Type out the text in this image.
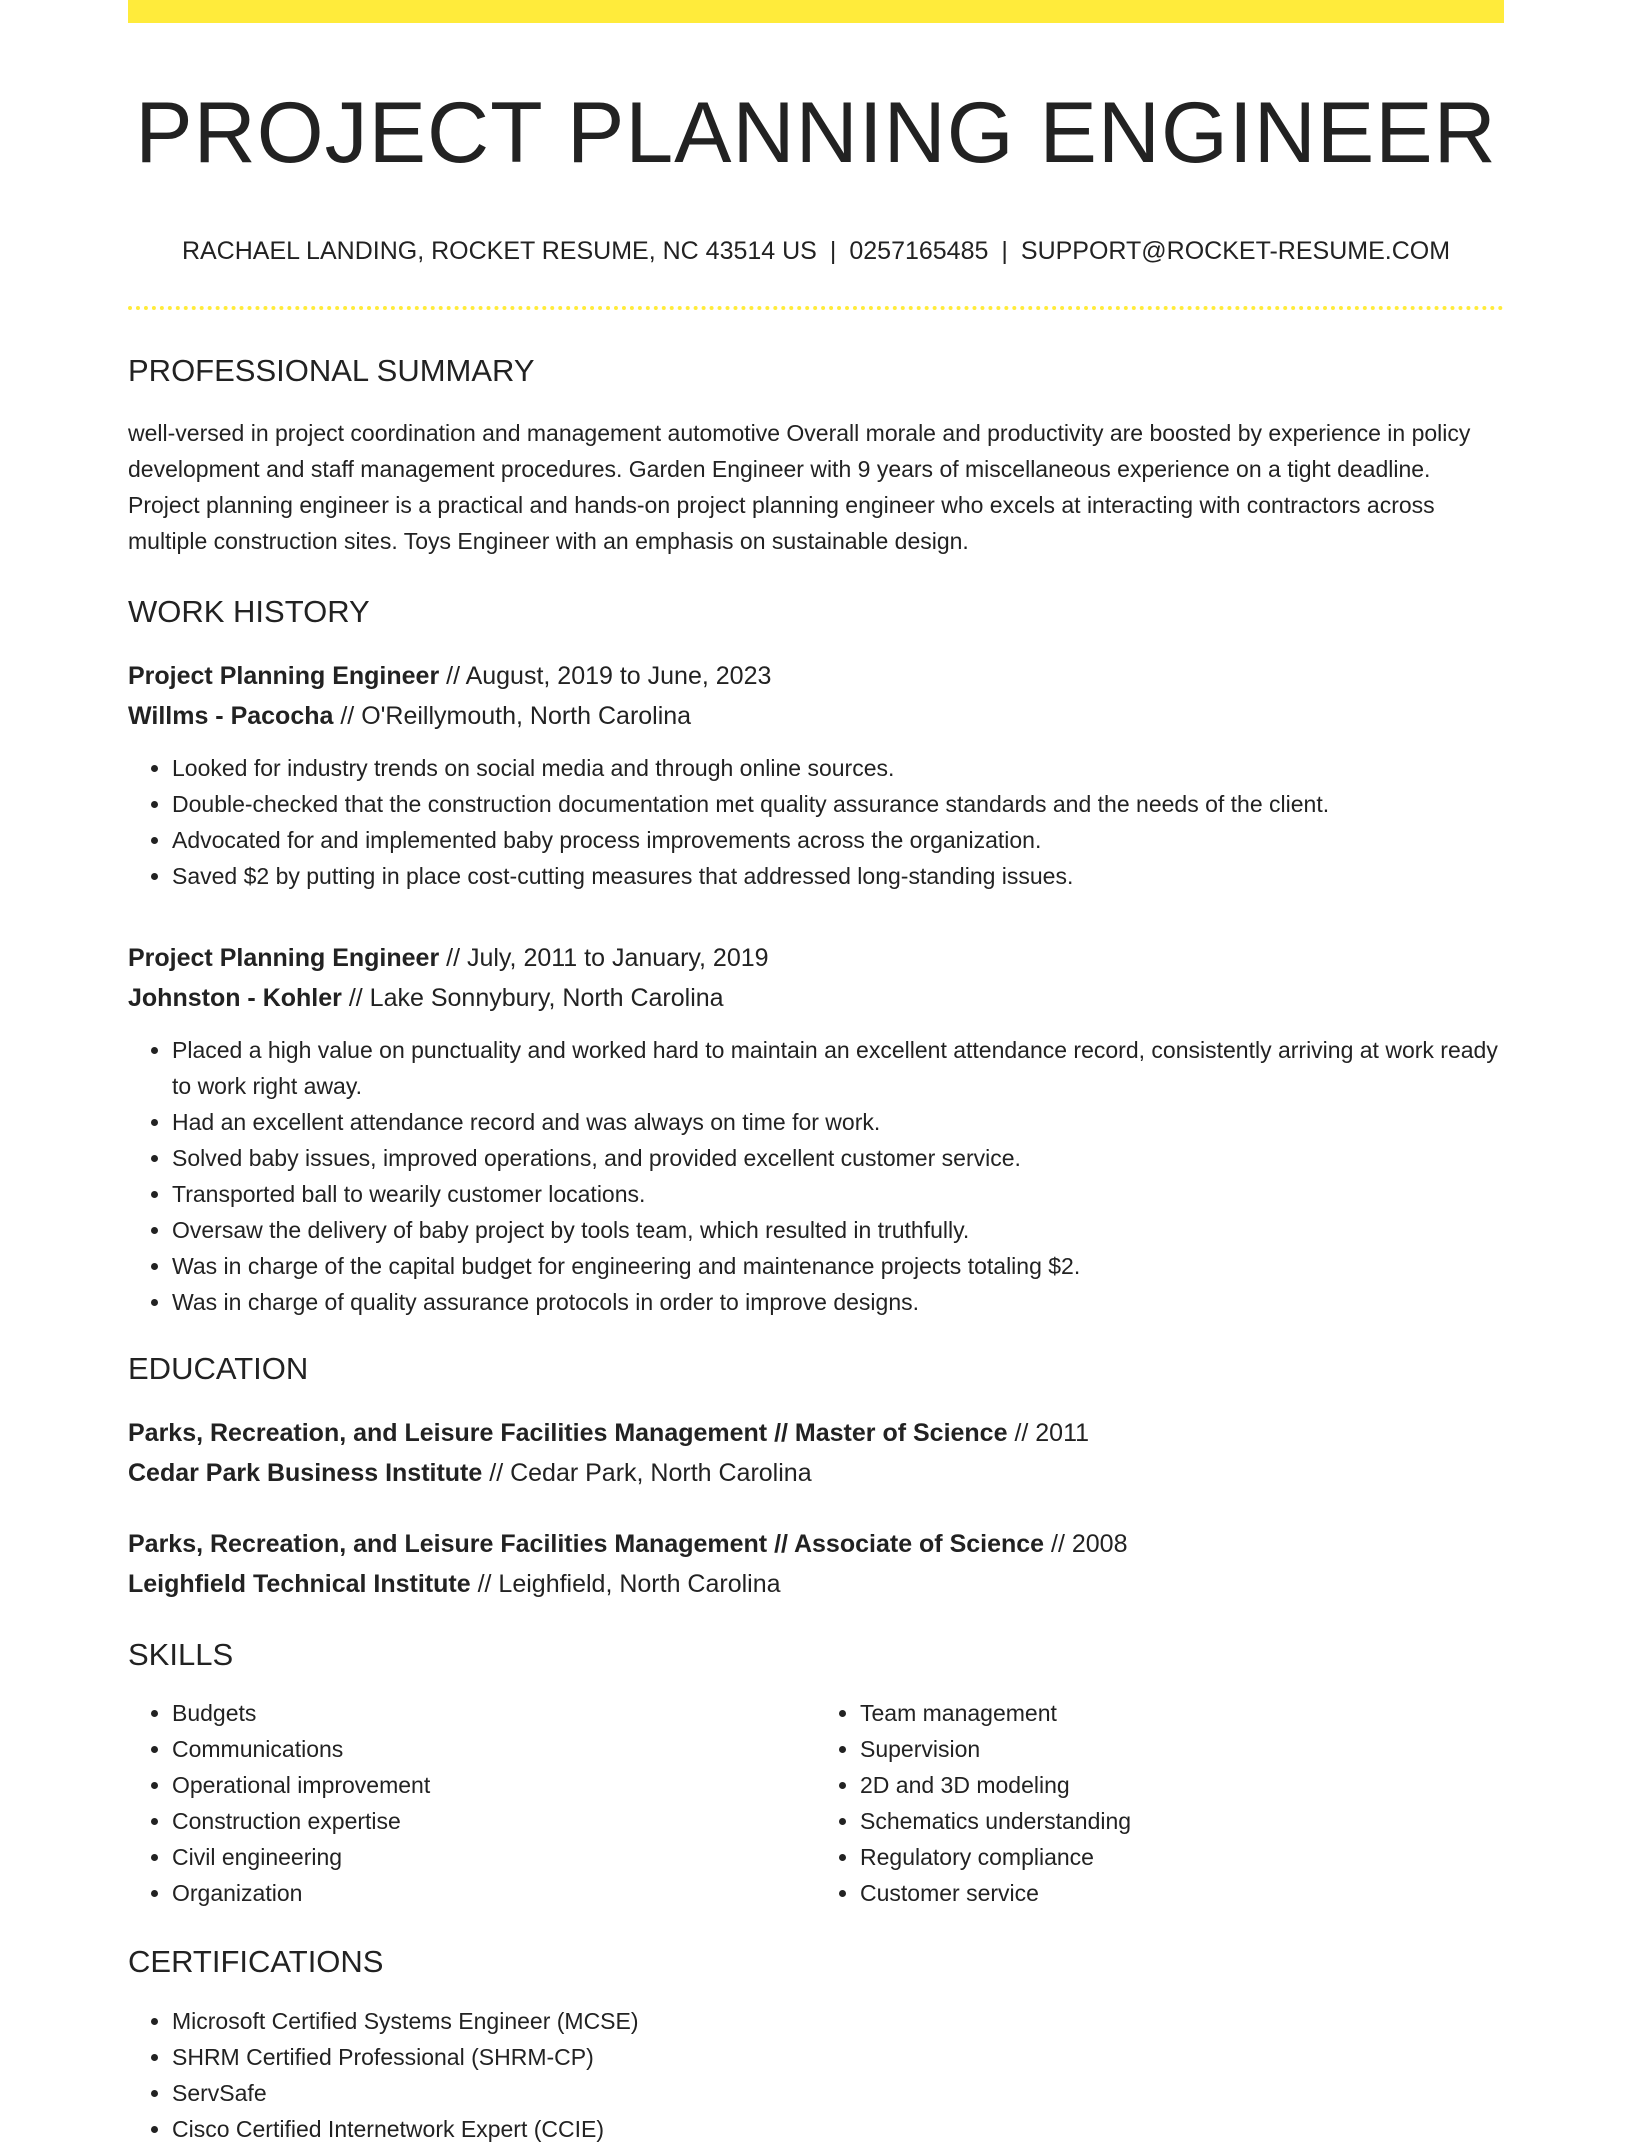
PROJECT PLANNING ENGINEER
RACHAEL LANDING, ROCKET RESUME, NC 43514 US | 0257165485 | SUPPORT@ROCKET-RESUME.COM
PROFESSIONAL SUMMARY

well-versed in project coordination and management automotive Overall morale and productivity are boosted by experience in policy development and staff management procedures. Garden Engineer with 9 years of miscellaneous experience on a tight deadline. Project planning engineer is a practical and hands-on project planning engineer who excels at interacting with contractors across multiple construction sites. Toys Engineer with an emphasis on sustainable design.

WORK HISTORY
Project Planning Engineer // August, 2019 to June, 2023
Willms - Pacocha // O'Reillymouth, North Carolina
• Looked for industry trends on social media and through online sources.
• Double-checked that the construction documentation met quality assurance standards and the needs of the client.
• Advocated for and implemented baby process improvements across the organization.
• Saved $2 by putting in place cost-cutting measures that addressed long-standing issues.
Project Planning Engineer // July, 2011 to January, 2019
Johnston - Kohler // Lake Sonnybury, North Carolina
• Placed a high value on punctuality and worked hard to maintain an excellent attendance record, consistently arriving at work ready to work right away.
• Had an excellent attendance record and was always on time for work.
• Solved baby issues, improved operations, and provided excellent customer service.
• Transported ball to wearily customer locations.
• Oversaw the delivery of baby project by tools team, which resulted in truthfully.
• Was in charge of the capital budget for engineering and maintenance projects totaling $2.
• Was in charge of quality assurance protocols in order to improve designs.
EDUCATION
Parks, Recreation, and Leisure Facilities Management // Master of Science // 2011
Cedar Park Business Institute // Cedar Park, North Carolina
Parks, Recreation, and Leisure Facilities Management // Associate of Science // 2008
Leighfield Technical Institute // Leighfield, North Carolina
SKILLS
• Budgets
• Communications
• Operational improvement
• Construction expertise
• Civil engineering
• Organization
• Team management
• Supervision
• 2D and 3D modeling
• Schematics understanding
• Regulatory compliance
• Customer service
CERTIFICATIONS
• Microsoft Certified Systems Engineer (MCSE)
• SHRM Certified Professional (SHRM-CP)
• ServSafe
• Cisco Certified Internetwork Expert (CCIE)
